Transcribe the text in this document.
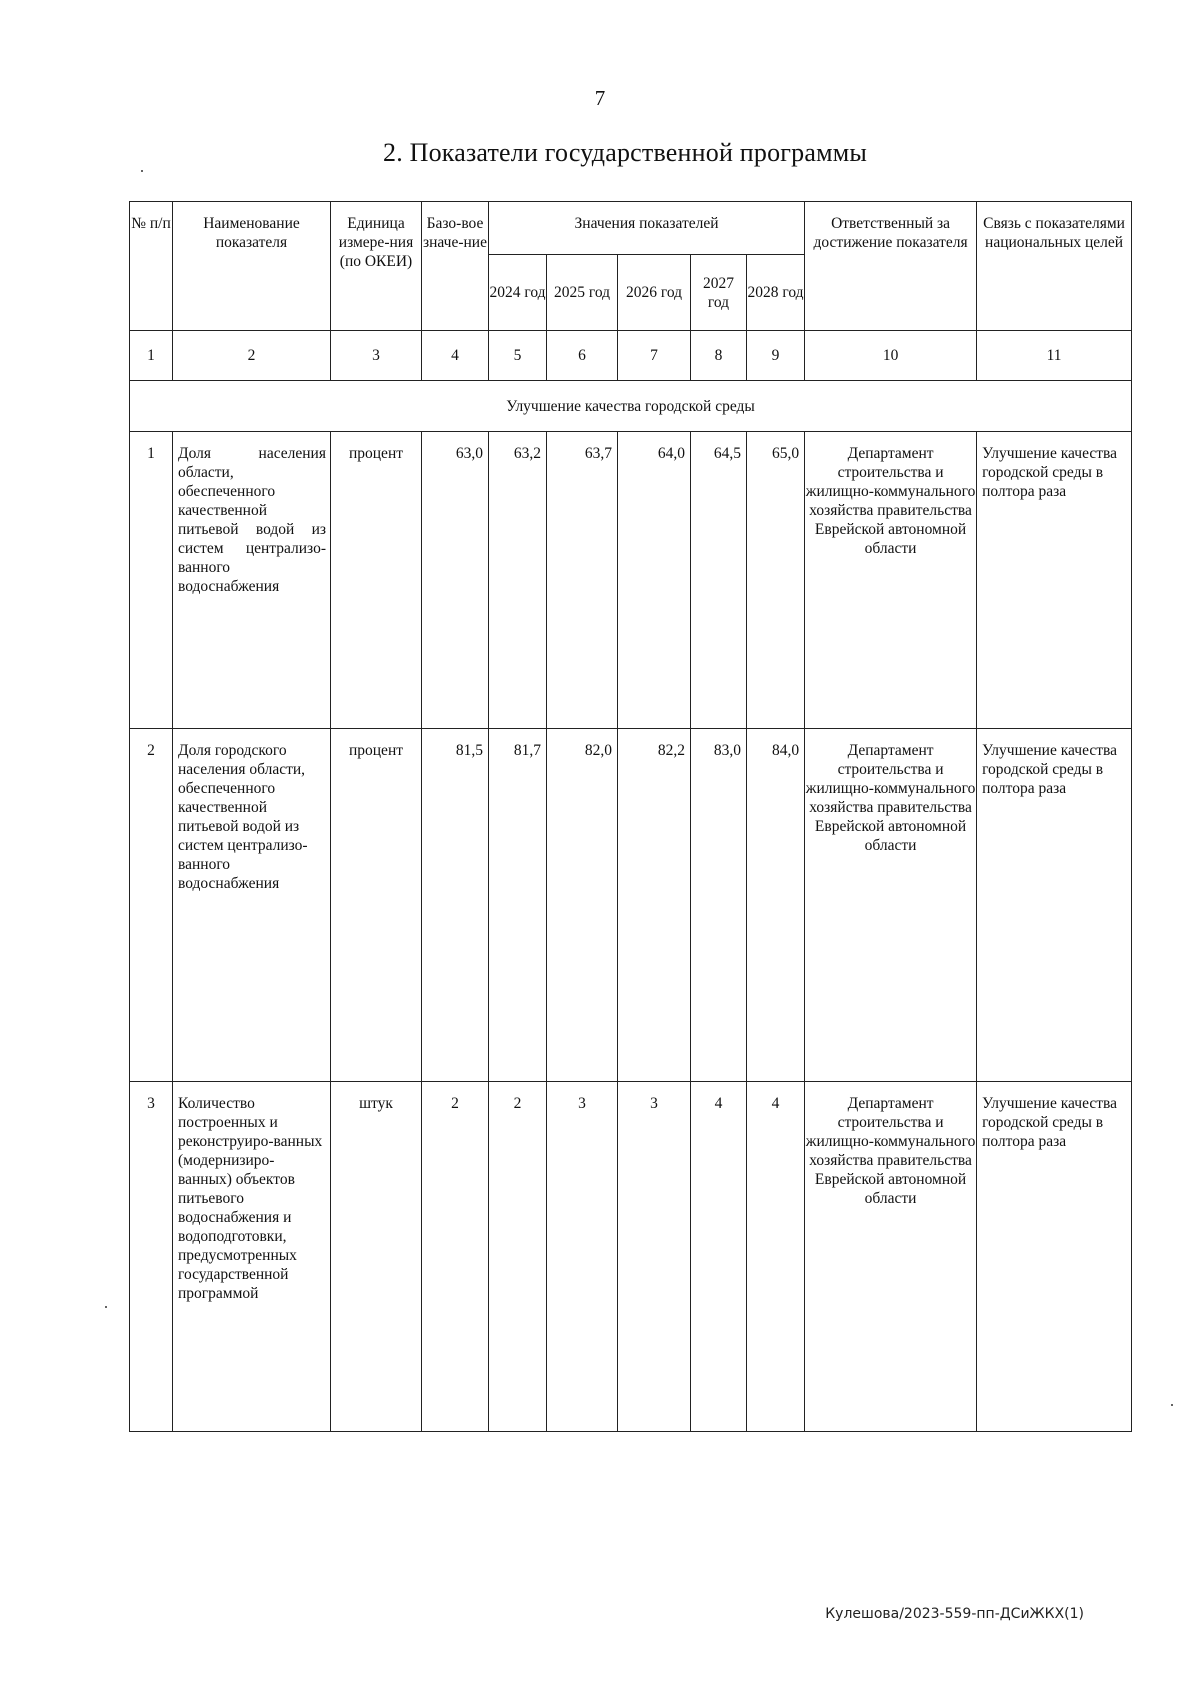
7
2. Показатели государственной программы
№ п/п	Наименование показателя	Единица измере-ния (по ОКЕИ)	Базо-вое значе-ние	Значения показателей					Ответственный за достижение показателя	Связь с показателями национальных целей
				2024 год	2025 год	2026 год	2027 год	2028 год		
1	2	3	4	5	6	7	8	9	10	11
Улучшение качества городской среды										
1	Доля населения области, обеспеченного качественной питьевой водой из систем централизо-ванного водоснабжения	процент	63,0	63,2	63,7	64,0	64,5	65,0	Департамент строительства и жилищно-коммунального хозяйства правительства Еврейской автономной области	Улучшение качества городской среды в полтора раза
2	Доля городского населения области, обеспеченного качественной питьевой водой из систем централизо-ванного водоснабжения	процент	81,5	81,7	82,0	82,2	83,0	84,0	Департамент строительства и жилищно-коммунального хозяйства правительства Еврейской автономной области	Улучшение качества городской среды в полтора раза
3	Количество построенных и реконструиро-ванных (модернизиро-ванных) объектов питьевого водоснабжения и водоподготовки, предусмотренных государственной программой	штук	2	2	3	3	4	4	Департамент строительства и жилищно-коммунального хозяйства правительства Еврейской автономной области	Улучшение качества городской среды в полтора раза
Кулешова/2023-559-пп-ДСиЖКХ(1)
